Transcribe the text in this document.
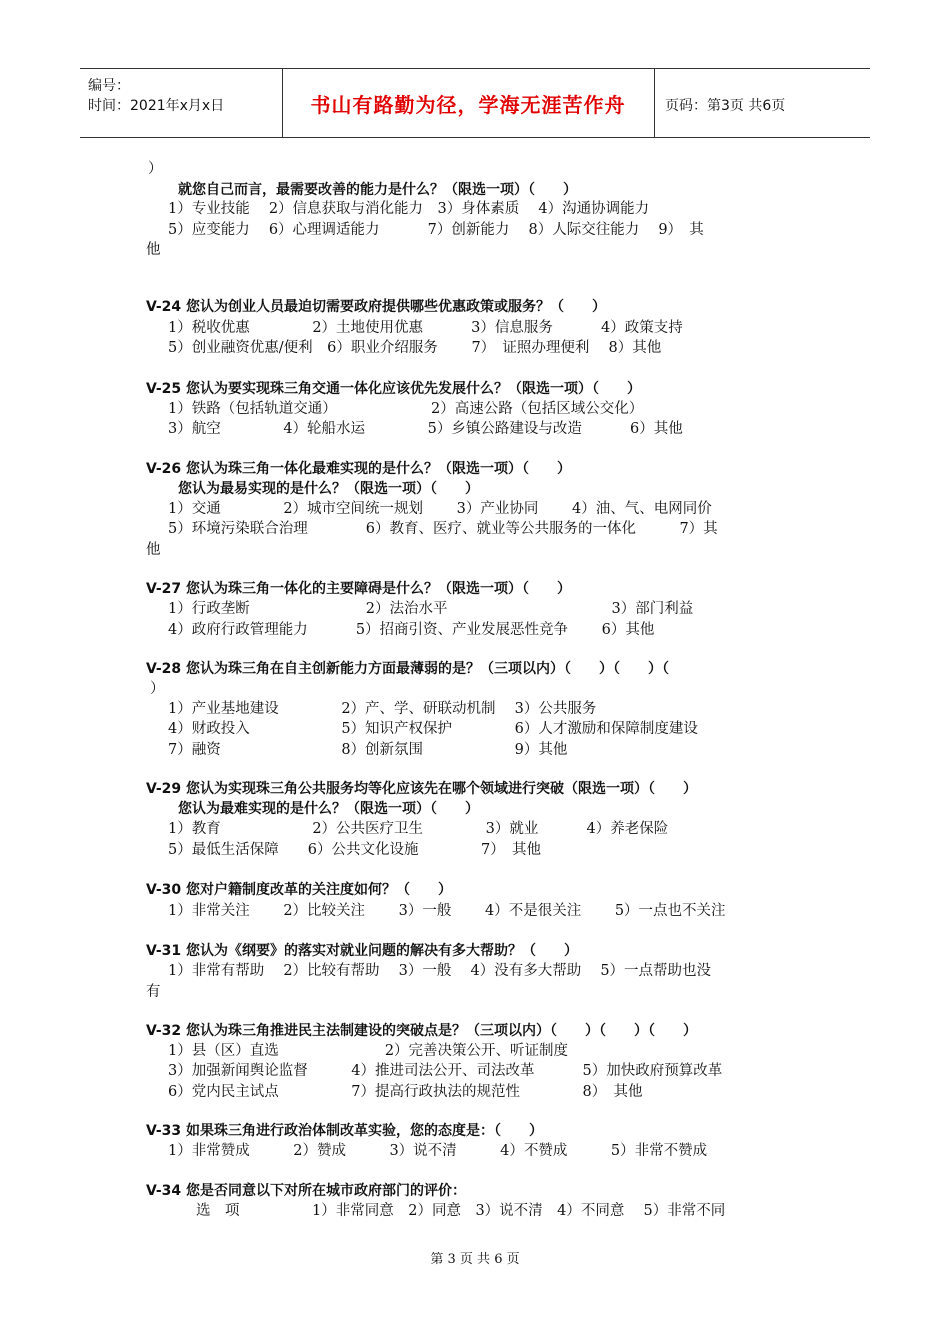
编号：
时间：2021年x月x日	书山有路勤为径，学海无涯苦作舟	页码：第3页 共6页
）
就您自己而言，最需要改善的能力是什么？（限选一项）（　　）
1）专业技能　 2）信息获取与消化能力　3）身体素质　 4）沟通协调能力
5）应变能力　 6）心理调适能力　　　 7）创新能力　 8）人际交往能力　 9）　其
他
V-24 您认为创业人员最迫切需要政府提供哪些优惠政策或服务？（　　）
1）税收优惠　　　　 2）土地使用优惠　　　 3）信息服务　　　 4）政策支持
5）创业融资优惠/便利　6）职业介绍服务　　 7）　证照办理便利　 8）其他
V-25 您认为要实现珠三角交通一体化应该优先发展什么？（限选一项）（　　）
1）铁路（包括轨道交通）　　　　　　　2）高速公路（包括区域公交化）
3）航空　　　　 4）轮船水运　　　　 5）乡镇公路建设与改造　　　 6）其他
V-26 您认为珠三角一体化最难实现的是什么？（限选一项）（　　）
您认为最易实现的是什么？（限选一项）（　　）
1）交通　　　　 2）城市空间统一规划　　 3）产业协同　　 4）油、气、电网同价
5）环境污染联合治理　　　　6）教育、医疗、就业等公共服务的一体化　　　7）其
他
V-27 您认为珠三角一体化的主要障碍是什么？（限选一项）（　　）
1）行政垄断　　　　　　　　2）法治水平　　　　　　　　　　　 3）部门利益
4）政府行政管理能力　　　 5）招商引资、产业发展恶性竞争　　 6）其他
V-28 您认为珠三角在自主创新能力方面最薄弱的是？（三项以内）（　　）（　　）（
）
1）产业基地建设　　　　 2）产、学、研联动机制　 3）公共服务
4）财政投入　　　　　　 5）知识产权保护　　　　 6）人才激励和保障制度建设
7）融资　　　　　　　　 8）创新氛围　　　　　　 9）其他
V-29 您认为实现珠三角公共服务均等化应该先在哪个领域进行突破（限选一项）（　　）
您认为最难实现的是什么？（限选一项）（　　）
1）教育　　　　　　 2）公共医疗卫生　　　　 3）就业　　　 4）养老保险
5）最低生活保障　　6）公共文化设施　　　　 7）　其他
V-30 您对户籍制度改革的关注度如何？（　　）
1）非常关注　　 2）比较关注　　 3）一般　　 4）不是很关注　　 5）一点也不关注
V-31 您认为《纲要》的落实对就业问题的解决有多大帮助？（　　）
1）非常有帮助　 2）比较有帮助　 3）一般　 4）没有多大帮助　 5）一点帮助也没
有
V-32 您认为珠三角推进民主法制建设的突破点是？（三项以内）（　　）（　　）（　　）
1）县（区）直选　　　　　　　 2）完善决策公开、听证制度
3）加强新闻舆论监督　　　4）推进司法公开、司法改革　　　 5）加快政府预算改革
6）党内民主试点　　　　　7）提高行政执法的规范性　　　　 8）　其他
V-33 如果珠三角进行政治体制改革实验，您的态度是：（　　）
1）非常赞成　　　2）赞成　　　3）说不清　　　4）不赞成　　　5）非常不赞成
V-34 您是否同意以下对所在城市政府部门的评价：
选　项　　　　　1）非常同意　2）同意　3）说不清　4）不同意　 5）非常不同
第 3 页 共 6 页
